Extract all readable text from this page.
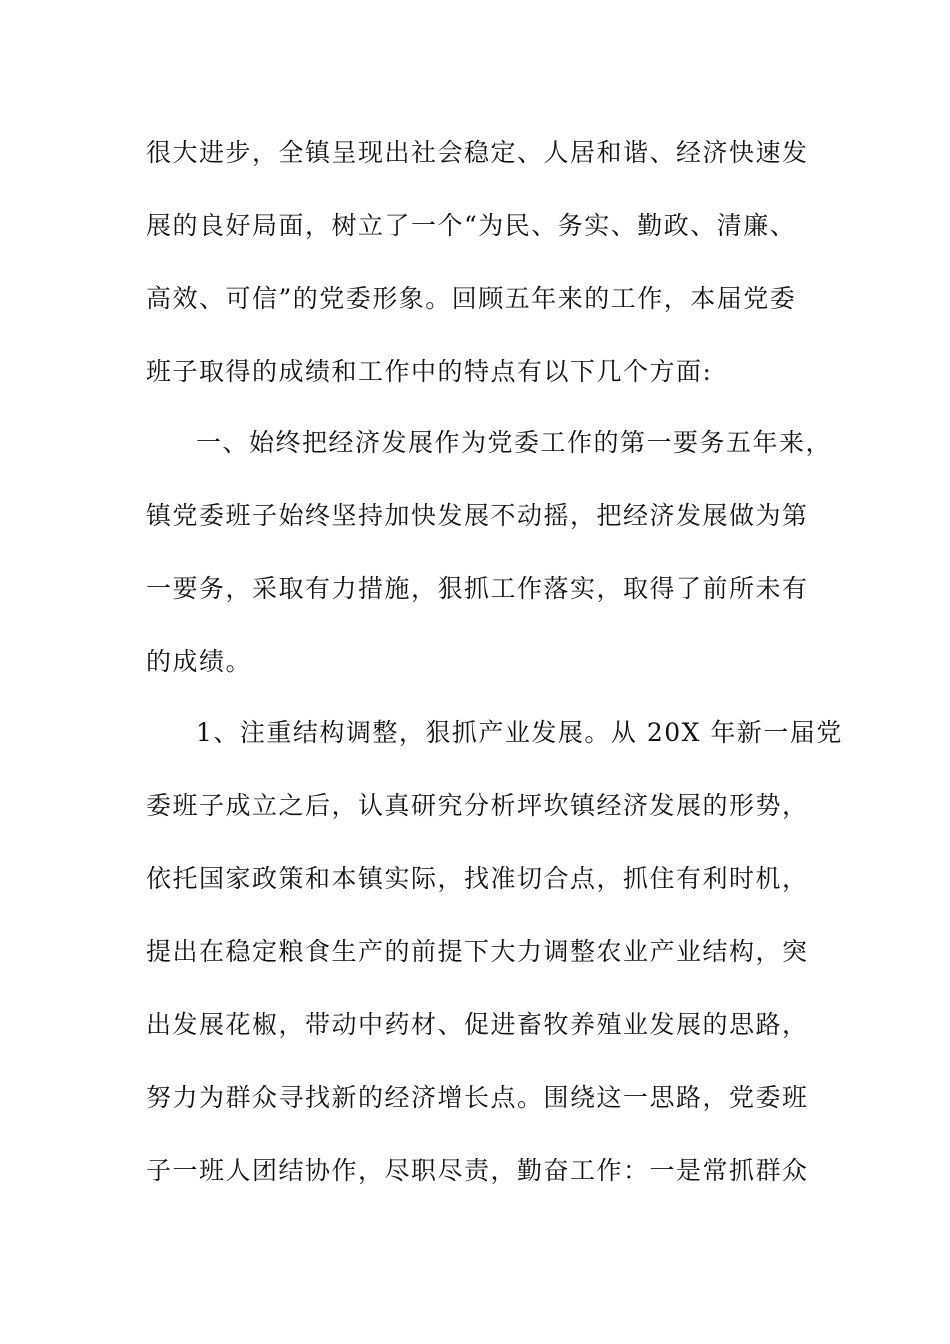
很大进步，全镇呈现出社会稳定、人居和谐、经济快速发
展的良好局面，树立了一个“为民、务实、勤政、清廉、
高效、可信”的党委形象。回顾五年来的工作，本届党委
班子取得的成绩和工作中的特点有以下几个方面:
一、始终把经济发展作为党委工作的第一要务五年来，
镇党委班子始终坚持加快发展不动摇，把经济发展做为第
一要务，采取有力措施，狠抓工作落实，取得了前所未有
的成绩。
1、注重结构调整，狠抓产业发展。从 20X 年新一届党
委班子成立之后，认真研究分析坪坎镇经济发展的形势，
依托国家政策和本镇实际，找准切合点，抓住有利时机，
提出在稳定粮食生产的前提下大力调整农业产业结构，突
出发展花椒，带动中药材、促进畜牧养殖业发展的思路，
努力为群众寻找新的经济增长点。围绕这一思路，党委班
子一班人团结协作，尽职尽责，勤奋工作：一是常抓群众
